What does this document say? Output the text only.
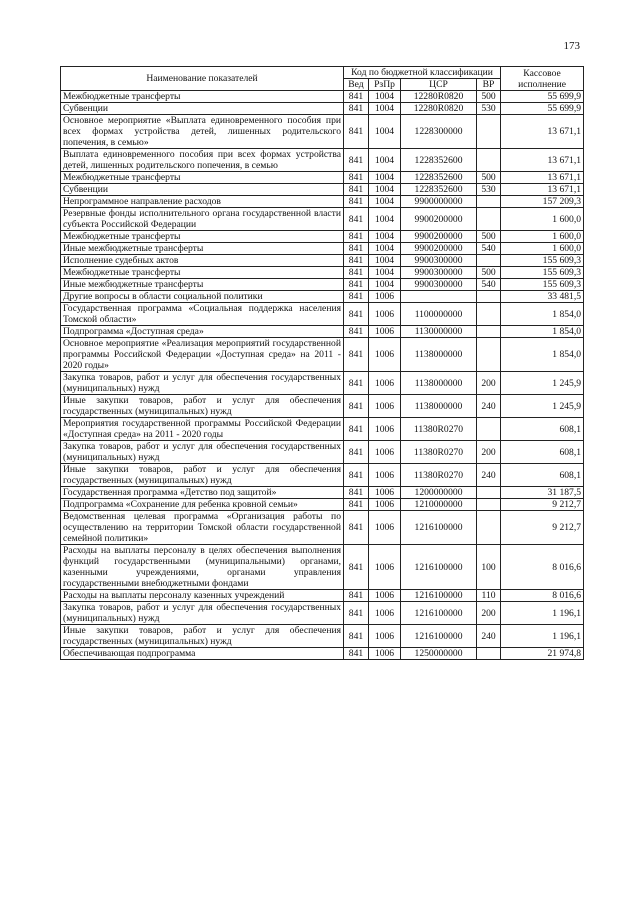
173
Наименование показателей	Код по бюджетной классификации				Кассовое исполнение
	Вед	РзПр	ЦСР	ВР	
Межбюджетные трансферты	841	1004	12280R0820	500	55 699,9
Субвенции	841	1004	12280R0820	530	55 699,9
Основное мероприятие «Выплата единовременного пособия при всех формах устройства детей, лишенных родительского попечения, в семью»	841	1004	1228300000		13 671,1
Выплата единовременного пособия при всех формах устройства детей, лишенных родительского попечения, в семью	841	1004	1228352600		13 671,1
Межбюджетные трансферты	841	1004	1228352600	500	13 671,1
Субвенции	841	1004	1228352600	530	13 671,1
Непрограммное направление расходов	841	1004	9900000000		157 209,3
Резервные фонды исполнительного органа государственной власти субъекта Российской Федерации	841	1004	9900200000		1 600,0
Межбюджетные трансферты	841	1004	9900200000	500	1 600,0
Иные межбюджетные трансферты	841	1004	9900200000	540	1 600,0
Исполнение судебных актов	841	1004	9900300000		155 609,3
Межбюджетные трансферты	841	1004	9900300000	500	155 609,3
Иные межбюджетные трансферты	841	1004	9900300000	540	155 609,3
Другие вопросы в области социальной политики	841	1006			33 481,5
Государственная программа «Социальная поддержка населения Томской области»	841	1006	1100000000		1 854,0
Подпрограмма «Доступная среда»	841	1006	1130000000		1 854,0
Основное мероприятие «Реализация мероприятий государственной программы Российской Федерации «Доступная среда» на 2011 - 2020 годы»	841	1006	1138000000		1 854,0
Закупка товаров, работ и услуг для обеспечения государственных (муниципальных) нужд	841	1006	1138000000	200	1 245,9
Иные закупки товаров, работ и услуг для обеспечения государственных (муниципальных) нужд	841	1006	1138000000	240	1 245,9
Мероприятия государственной программы Российской Федерации «Доступная среда» на 2011 - 2020 годы	841	1006	11380R0270		608,1
Закупка товаров, работ и услуг для обеспечения государственных (муниципальных) нужд	841	1006	11380R0270	200	608,1
Иные закупки товаров, работ и услуг для обеспечения государственных (муниципальных) нужд	841	1006	11380R0270	240	608,1
Государственная программа «Детство под защитой»	841	1006	1200000000		31 187,5
Подпрограмма «Сохранение для ребенка кровной семьи»	841	1006	1210000000		9 212,7
Ведомственная целевая программа «Организация работы по осуществлению на территории Томской области государственной семейной политики»	841	1006	1216100000		9 212,7
Расходы на выплаты персоналу в целях обеспечения выполнения функций государственными (муниципальными) органами, казенными учреждениями, органами управления государственными внебюджетными фондами	841	1006	1216100000	100	8 016,6
Расходы на выплаты персоналу казенных учреждений	841	1006	1216100000	110	8 016,6
Закупка товаров, работ и услуг для обеспечения государственных (муниципальных) нужд	841	1006	1216100000	200	1 196,1
Иные закупки товаров, работ и услуг для обеспечения государственных (муниципальных) нужд	841	1006	1216100000	240	1 196,1
Обеспечивающая подпрограмма	841	1006	1250000000		21 974,8
